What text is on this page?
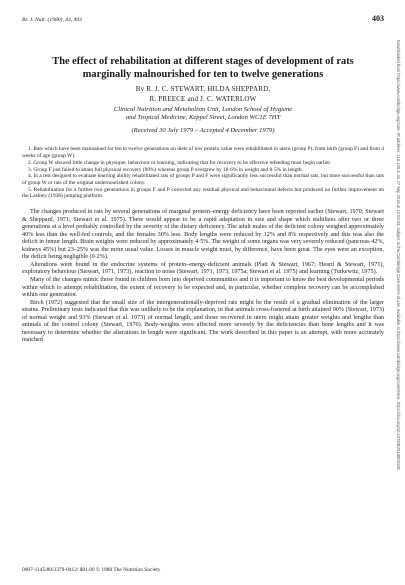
Br. J. Nutr. (1980), 43, 403	403
The effect of rehabilitation at different stages of development of rats marginally malnourished for ten to twelve generations
By R. J. C. STEWART, HILDA SHEPPARD,
R. PREECE and J. C. WATERLOW
Clinical Nutrition and Metabolism Unit, London School of Hygiene
and Tropical Medicine, Keppel Street, London WC1E 7HT
(Received 30 July 1979 – Accepted 4 December 1979)

1. Rats which have been maintained for ten to twelve generations on diets of low protein value were rehabilitated in utero (group P), from birth (group F) and from 4 weeks of age (group W).

2. Group W showed little change in physique, behaviour or learning, indicating that for recovery to be effective refeeding must begin earlier.

3. Group F just failed to attain full physical recovery (90%) whereas group P overgrew by 18·6% in weight and 8·5% in length.

4. In a test designed to evaluate learning ability rehabilitated rats of groups P and F were significantly less successful than normal rats, but more successful than rats of group W or rats of the original undernourished colony.

5. Rehabilitation for a further two generations in groups F and P corrected any residual physical and behavioural defects but produced no further improvement on the Lashley (1938) jumping platform.

The changes produced in rats by several generations of marginal protein–energy deficiency have been reported earlier (Stewart, 1970; Stewart & Sheppard, 1971; Stewart et al. 1975). There would appear to be a rapid adaptation in size and shape which stabilizes after two or three generations at a level probably controlled by the severity of the dietary deficiency. The adult males of the deficient colony weighed approximately 40% less than the well-fed controls, and the females 30% less. Body lengths were reduced by 12% and 8% respectively and this was also the deficit in femur length. Brain weights were reduced by approximately 4·5%. The weight of some organs was very severely reduced (pancreas 42%, kidneys 45%) but 23–25% was the more usual value. Losses in muscle weight must, by difference, have been great. The eyes were an exception, the deficit being negligible (0·2%).

Alterations were found in the endocrine systems of protein–energy-deficient animals (Platt & Stewart, 1967; Heard & Stewart, 1971), exploratory behaviour (Stewart, 1971, 1973), reaction to noise (Stewart, 1971, 1973, 1975a; Stewart et al. 1975) and learning (Turkewitz, 1975).

Many of the changes mimic those found in children born into deprived communities and it is important to know the best developmental periods within which to attempt rehabilitation, the extent of recovery to be expected and, in particular, whether complete recovery can be accomplished within one generation.

Birch (1972) suggested that the small size of the intergenerationally-deprived rats might be the result of a gradual elimination of the larger strains. Preliminary tests indicated that this was unlikely to be the explanation, in that animals cross-fostered at birth attained 90% (Stewart, 1973) of normal weight and 93% (Stewart et al. 1973) of normal length, and those recovered in utero might attain greater weights and lengths than animals of the control colony (Stewart, 1976). Body-weights were affected more severely by the deficiencies than bone lengths and it was necessary to determine whether the alterations in length were significant. The work described in this paper is an attempt, with more accurately matched

0007-1145/80/3379-0412/ $01.00 © 1980 The Nutrition Society
Downloaded from https://www.cambridge.org/core. IP address: 115.135.4. on 27 Sep 2019 at 12:03:34, subject to the Cambridge Core terms of use, available at https://www.cambridge.org/core/terms. https://doi.org/10.1079/BJN19800108
